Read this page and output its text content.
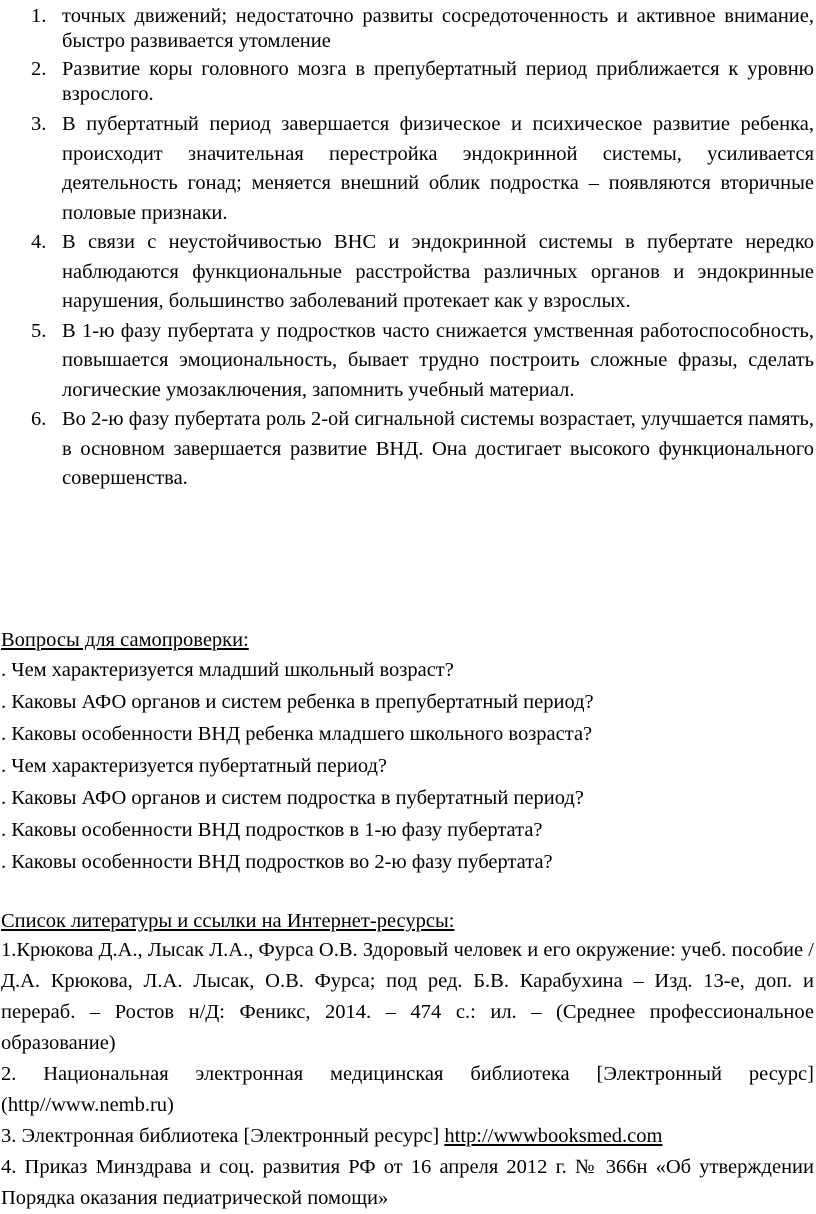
1. точных движений; недостаточно развиты сосредоточенность и активное внимание, быстро развивается утомление
2. Развитие коры головного мозга в препубертатный период приближается к уровню взрослого.
3. В пубертатный период завершается физическое и психическое развитие ребенка, происходит значительная перестройка эндокринной системы, усиливается деятельность гонад; меняется внешний облик подростка – появляются вторичные половые признаки.
4. В связи с неустойчивостью ВНС и эндокринной системы в пубертате нередко наблюдаются функциональные расстройства различных органов и эндокринные нарушения, большинство заболеваний протекает как у взрослых.
5. В 1-ю фазу пубертата у подростков часто снижается умственная работоспособность, повышается эмоциональность, бывает трудно построить сложные фразы, сделать логические умозаключения, запомнить учебный материал.
6. Во 2-ю фазу пубертата роль 2-ой сигнальной системы возрастает, улучшается память, в основном завершается развитие ВНД. Она достигает высокого функционального совершенства.
Вопросы для самопроверки:
. Чем характеризуется младший школьный возраст?
. Каковы АФО органов и систем ребенка в препубертатный период?
. Каковы особенности ВНД ребенка младшего школьного возраста?
. Чем характеризуется пубертатный период?
. Каковы АФО органов и систем подростка в пубертатный период?
. Каковы особенности ВНД подростков в 1-ю фазу пубертата?
. Каковы особенности ВНД подростков во 2-ю фазу пубертата?
Список литературы и ссылки на Интернет-ресурсы:
1.Крюкова Д.А., Лысак Л.А., Фурса О.В. Здоровый человек и его окружение: учеб. пособие / Д.А. Крюкова, Л.А. Лысак, О.В. Фурса; под ред. Б.В. Карабухина – Изд. 13-е, доп. и перераб. – Ростов н/Д: Феникс, 2014. – 474 с.: ил. – (Среднее профессиональное образование)
2. Национальная электронная медицинская библиотека [Электронный ресурс] (http//www.nemb.ru)
3. Электронная библиотека [Электронный ресурс] http://wwwbooksmed.com
4. Приказ Минздрава и соц. развития РФ от 16 апреля 2012 г. № 366н «Об утверждении Порядка оказания педиатрической помощи»
